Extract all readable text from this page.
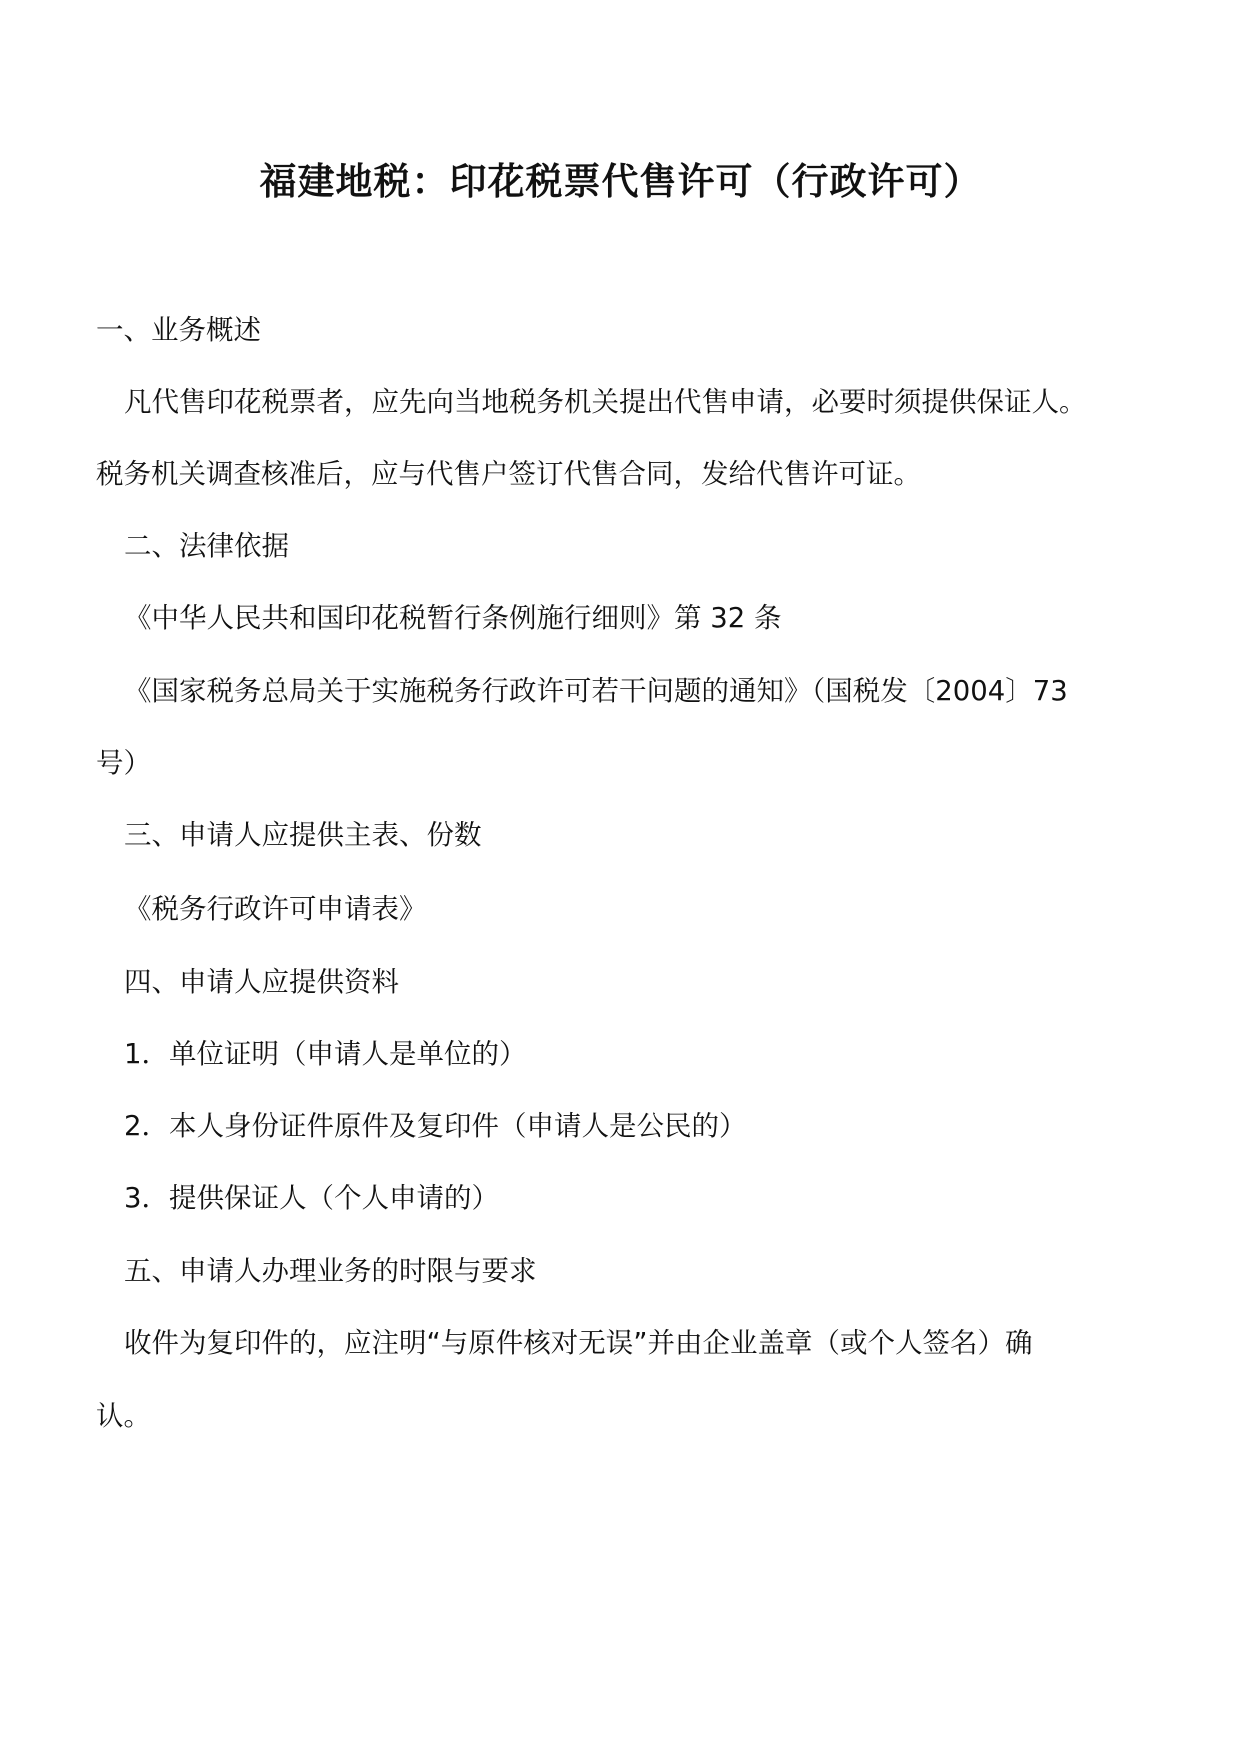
福建地税：印花税票代售许可（行政许可）
一、业务概述
凡代售印花税票者，应先向当地税务机关提出代售申请，必要时须提供保证人。
税务机关调查核准后，应与代售户签订代售合同，发给代售许可证。
二、法律依据
《中华人民共和国印花税暂行条例施行细则》第 32 条
《国家税务总局关于实施税务行政许可若干问题的通知》（国税发〔2004〕73
号）
三、申请人应提供主表、份数
《税务行政许可申请表》
四、申请人应提供资料
1．单位证明（申请人是单位的）
2．本人身份证件原件及复印件（申请人是公民的）
3．提供保证人（个人申请的）
五、申请人办理业务的时限与要求
收件为复印件的，应注明“与原件核对无误”并由企业盖章（或个人签名）确
认。
